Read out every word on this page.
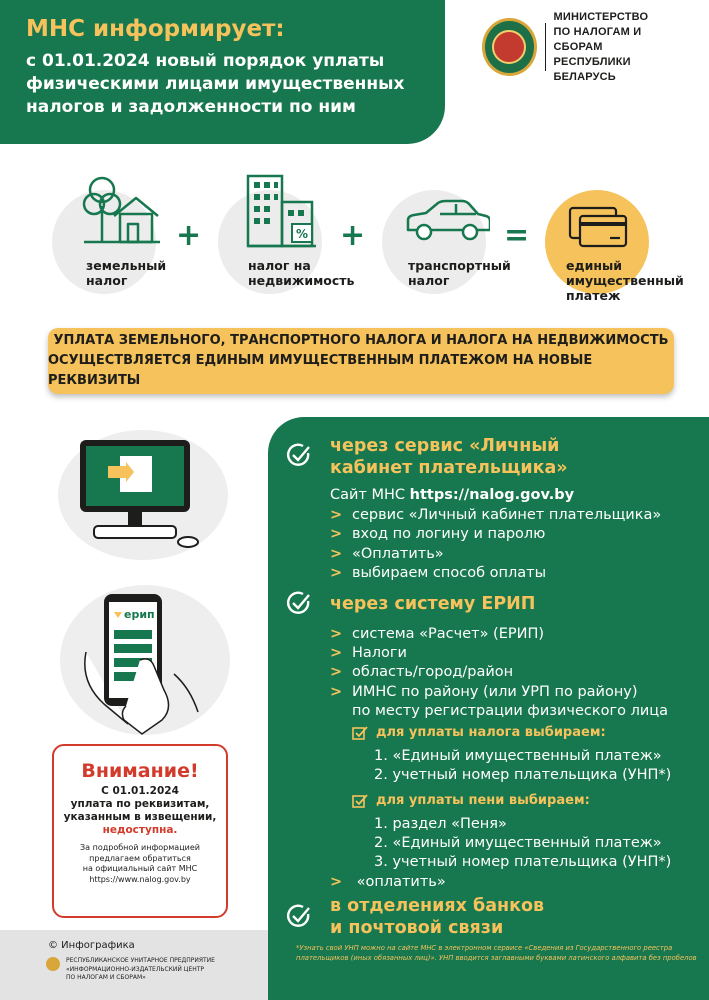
МНС информирует:
с 01.01.2024 новый порядок уплаты
физическими лицами имущественных
налогов и задолженности по ним
МИНИСТЕРСТВО
ПО НАЛОГАМ И СБОРАМ
РЕСПУБЛИКИ БЕЛАРУСЬ
земельный
налог
+	%
налог на
недвижимость
+
транспортный
налог
=
единый
имущественный
платеж
УПЛАТА ЗЕМЕЛЬНОГО, ТРАНСПОРТНОГО НАЛОГА И НАЛОГА НА НЕДВИЖИМОСТЬ
ОСУЩЕСТВЛЯЕТСЯ ЕДИНЫМ ИМУЩЕСТВЕННЫМ ПЛАТЕЖОМ НА НОВЫЕ РЕКВИЗИТЫ
ерип
Внимание!
С 01.01.2024
уплата по реквизитам,
указанным в извещении,
недоступна.
За подробной информацией
предлагаем обратиться
на официальный сайт МНС
https://www.nalog.gov.by
© Инфографика
РЕСПУБЛИКАНСКОЕ УНИТАРНОЕ ПРЕДПРИЯТИЕ
«ИНФОРМАЦИОННО-ИЗДАТЕЛЬСКИЙ ЦЕНТР
ПО НАЛОГАМ И СБОРАМ»
через сервис «Личный
кабинет плательщика»
Сайт МНС https://nalog.gov.by
> сервис «Личный кабинет плательщика»
> вход по логину и паролю
> «Оплатить»
> выбираем способ оплаты
через систему ЕРИП
> система «Расчет» (ЕРИП)
> Налоги
> область/город/район
> ИМНС по району (или УРП по району)
по месту регистрации физического лица
для уплаты налога выбираем:
1. «Единый имущественный платеж»
2. учетный номер плательщика (УНП*)
для уплаты пени выбираем:
1. раздел «Пеня»
2. «Единый имущественный платеж»
3. учетный номер плательщика (УНП*)
> «оплатить»
в отделениях банков
и почтовой связи
*Узнать свой УНП можно на сайте МНС в электронном сервисе «Сведения из Государственного реестра плательщиков (иных обязанных лиц)». УНП вводится заглавными буквами латинского алфавита без пробелов
